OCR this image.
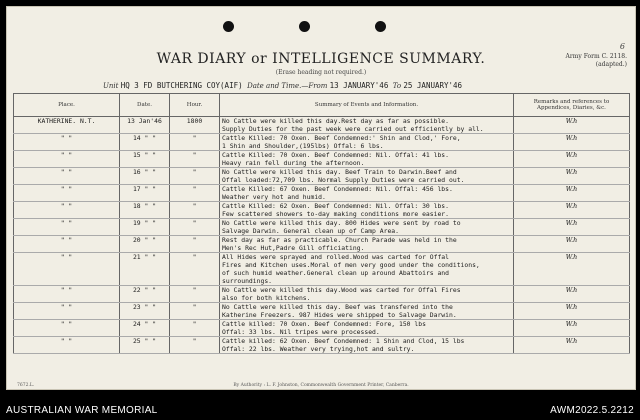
WAR DIARY or INTELLIGENCE SUMMARY.
(Erase heading not required.)
6
Army Form C. 2118.
(adapted.)
Unit HQ 3 FD BUTCHERING COY(AIF) Date and Time.—From 13 JANUARY'46 To 25 JANUARY'46
Place.	Date.	Hour.	Summary of Events and Information.	Remarks and references to Appendices, Diaries, &c.
KATHERINE. N.T.	13 Jan'46	1800	No Cattle were killed this day.Rest day as far as possible.
Supply Duties for the past week were carried out efficiently by all.	W.h
" "	14 " "	"	Cattle Killed: 70 Oxen. Beef Condemned:' Shin and Clod,' Fore,
1 Shin and Shoulder,(195lbs) Offal: 6 lbs.	W.h
" "	15 " "	"	Cattle Killed: 70 Oxen. Beef Condemned: Nil. Offal: 41 lbs.
Heavy rain fell during the afternoon.	W.h
" "	16 " "	"	No Cattle were killed this day. Beef Train to Darwin.Beef and
Offal loaded:72,709 lbs. Normal Supply Duties were carried out.	W.h
" "	17 " "	"	Cattle Killed: 67 Oxen. Beef Condemned: Nil. Offal: 456 lbs.
Weather very hot and humid.	W.h
" "	18 " "	"	Cattle Killed: 62 Oxen. Beef Condemned: Nil. Offal: 30 lbs.
Few scattered showers to-day making conditions more easier.	W.h
" "	19 " "	"	No Cattle were killed this day. 800 Hides were sent by road to
Salvage Darwin. General clean up of Camp Area.	W.h
" "	20 " "	"	Rest day as far as practicable. Church Parade was held in the
Men's Rec Hut,Padre Gill officiating.	W.h
" "	21 " "	"	All Hides were sprayed and rolled.Wood was carted for Offal
Fires and Kitchen uses.Moral of men very good under the conditions,
of such humid weather.General clean up around Abattoirs and
surroundings.	W.h
" "	22 " "	"	No Cattle were killed this day.Wood was carted for Offal Fires
also for both kitchens.	W.h
" "	23 " "	"	No Cattle were killed this day. Beef was transfered into the
Katherine Freezers. 987 Hides were shipped to Salvage Darwin.	W.h
" "	24 " "	"	Cattle killed: 70 Oxen. Beef Condemned: Fore, 150 lbs
Offal: 33 lbs. Nil tripes were processed.	W.h
" "	25 " "	"	Cattle killed: 62 Oxen. Beef Condemned: 1 Shin and Clod, 15 lbs
Offal: 22 lbs. Weather very trying,hot and sultry.	W.h
7672.L.	By Authority : L. F. Johnston, Commonwealth Government Printer, Canberra.
AUSTRALIAN WAR MEMORIAL	AWM2022.5.2212
